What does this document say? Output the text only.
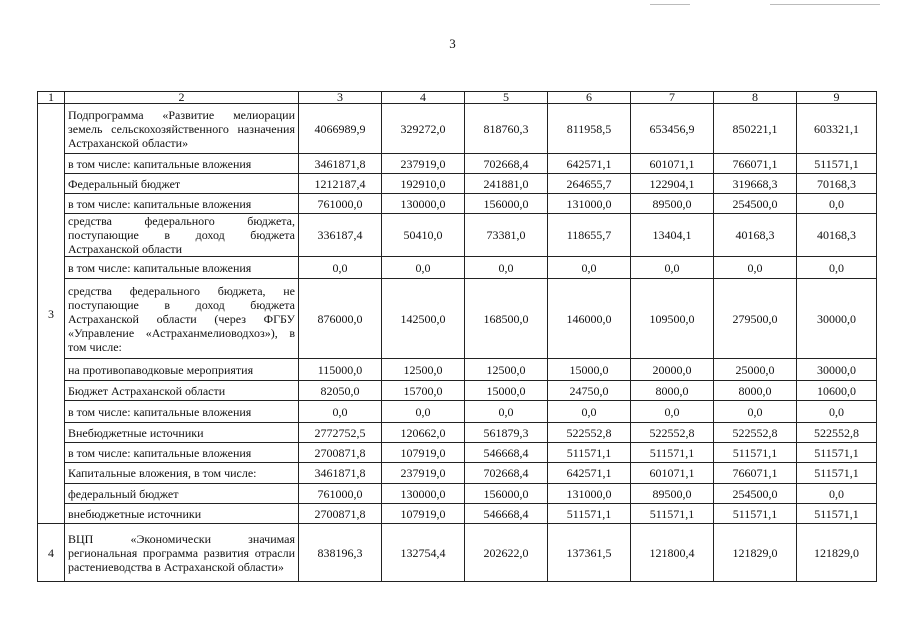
3
1	2	3	4	5	6	7	8	9
3	Подпрограмма «Развитие мелиорации земель сельскохозяйственного назначения Астраханской области»	4066989,9	329272,0	818760,3	811958,5	653456,9	850221,1	603321,1
	в том числе: капитальные вложения	3461871,8	237919,0	702668,4	642571,1	601071,1	766071,1	511571,1
	Федеральный бюджет	1212187,4	192910,0	241881,0	264655,7	122904,1	319668,3	70168,3
	в том числе: капитальные вложения	761000,0	130000,0	156000,0	131000,0	89500,0	254500,0	0,0
	средства федерального бюджета, поступающие в доход бюджета Астраханской области	336187,4	50410,0	73381,0	118655,7	13404,1	40168,3	40168,3
	в том числе: капитальные вложения	0,0	0,0	0,0	0,0	0,0	0,0	0,0
	средства федерального бюджета, не поступающие в доход бюджета Астраханской области (через ФГБУ «Управление «Астраханмелиоводхоз»), в том числе:	876000,0	142500,0	168500,0	146000,0	109500,0	279500,0	30000,0
	на противопаводковые мероприятия	115000,0	12500,0	12500,0	15000,0	20000,0	25000,0	30000,0
	Бюджет Астраханской области	82050,0	15700,0	15000,0	24750,0	8000,0	8000,0	10600,0
	в том числе: капитальные вложения	0,0	0,0	0,0	0,0	0,0	0,0	0,0
	Внебюджетные источники	2772752,5	120662,0	561879,3	522552,8	522552,8	522552,8	522552,8
	в том числе: капитальные вложения	2700871,8	107919,0	546668,4	511571,1	511571,1	511571,1	511571,1
	Капитальные вложения, в том числе:	3461871,8	237919,0	702668,4	642571,1	601071,1	766071,1	511571,1
	федеральный бюджет	761000,0	130000,0	156000,0	131000,0	89500,0	254500,0	0,0
	внебюджетные источники	2700871,8	107919,0	546668,4	511571,1	511571,1	511571,1	511571,1
4	ВЦП «Экономически значимая региональная программа развития отрасли растениеводства в Астраханской области»	838196,3	132754,4	202622,0	137361,5	121800,4	121829,0	121829,0
